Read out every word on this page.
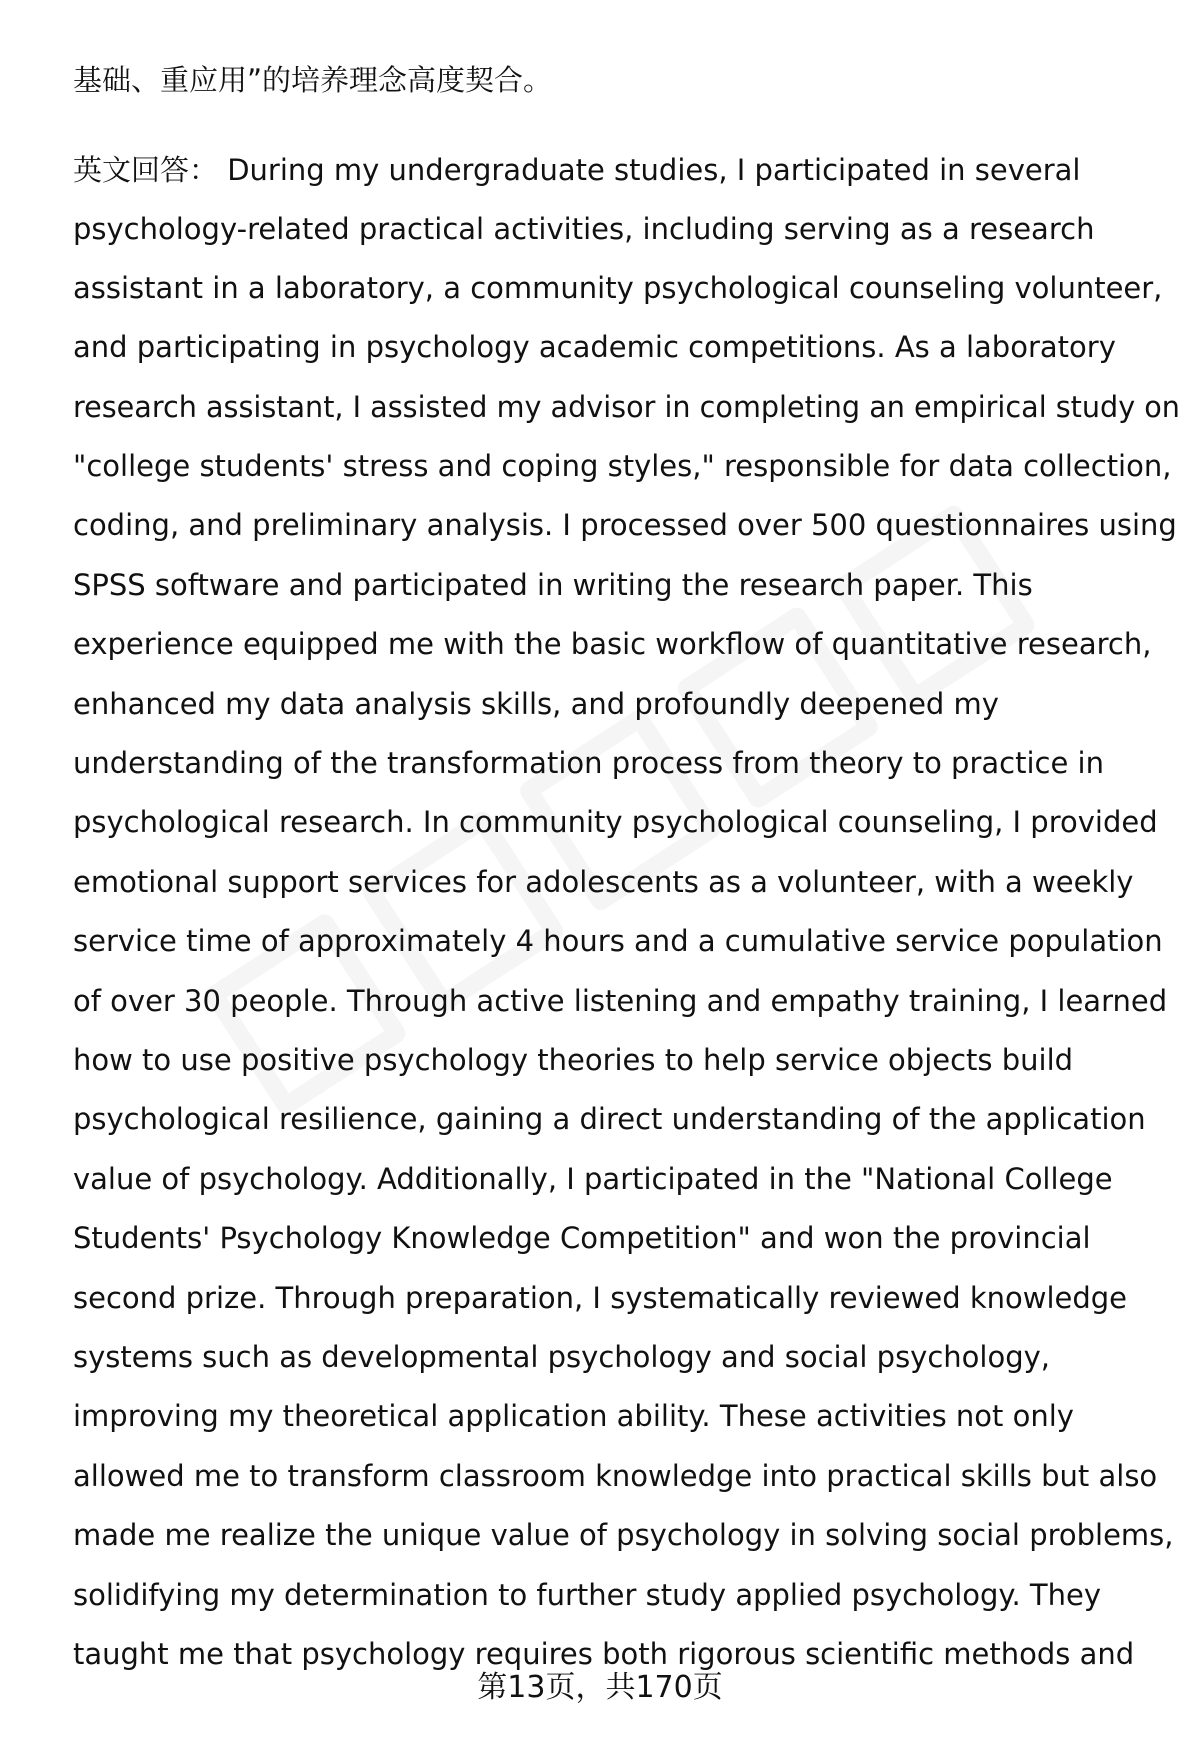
基础、重应用”的培养理念高度契合。

英文回答： During my undergraduate studies, I participated in several

psychology-related practical activities, including serving as a research

assistant in a laboratory, a community psychological counseling volunteer,

and participating in psychology academic competitions. As a laboratory

research assistant, I assisted my advisor in completing an empirical study on

"college students' stress and coping styles," responsible for data collection,

coding, and preliminary analysis. I processed over 500 questionnaires using

SPSS software and participated in writing the research paper. This

experience equipped me with the basic workflow of quantitative research,

enhanced my data analysis skills, and profoundly deepened my

understanding of the transformation process from theory to practice in

psychological research. In community psychological counseling, I provided

emotional support services for adolescents as a volunteer, with a weekly

service time of approximately 4 hours and a cumulative service population

of over 30 people. Through active listening and empathy training, I learned

how to use positive psychology theories to help service objects build

psychological resilience, gaining a direct understanding of the application

value of psychology. Additionally, I participated in the "National College

Students' Psychology Knowledge Competition" and won the provincial

second prize. Through preparation, I systematically reviewed knowledge

systems such as developmental psychology and social psychology,

improving my theoretical application ability. These activities not only

allowed me to transform classroom knowledge into practical skills but also

made me realize the unique value of psychology in solving social problems,

solidifying my determination to further study applied psychology. They

taught me that psychology requires both rigorous scientific methods and

第13页，共170页
